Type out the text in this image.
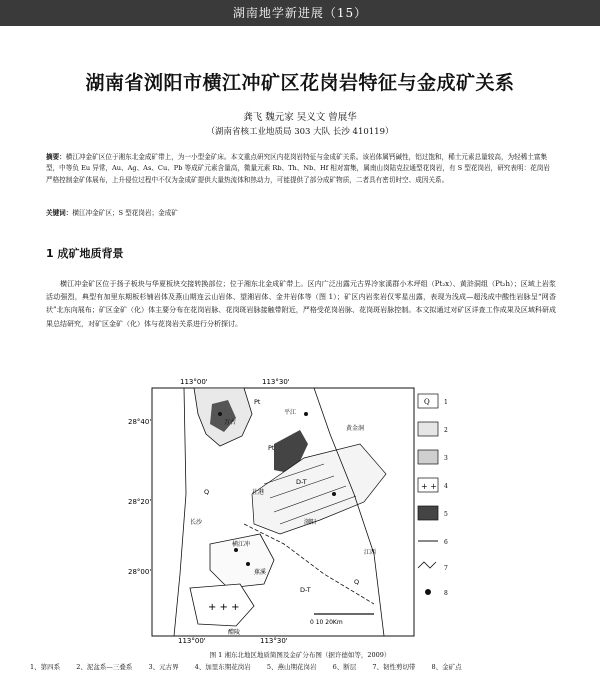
湖南地学新进展（15）
湖南省浏阳市横江冲矿区花岗岩特征与金成矿关系
龚飞 魏元家 吴义文 曾展华
（湖南省核工业地质局 303 大队 长沙 410119）
摘要：横江冲金矿区位于湘东北金成矿带上，为一小型金矿床。本文重点研究区内花岗岩特征与金成矿关系。该岩体属钙碱性，铝过饱和，稀土元素总量较高，为轻稀土富集型，中等负 Eu 异常，Au、Ag、As、Cu、Pb 等成矿元素含量高，微量元素 Rb、Th、Nb、Hf 相对富集，属南山岗陆克拉通型花岗岩，有 S 型花岗岩，研究表明：花岗岩严格控制金矿体展布，上升侵位过程中不仅为金成矿提供大量热流体和热动力，可能提供了部分成矿物质，二者具有密切时空、成因关系。
关键词：横江冲金矿区；S 型花岗岩；金成矿
1 成矿地质背景
横江冲金矿区位于扬子板块与华夏板块交接转换部位；位于湘东北金成矿带上。区内广泛出露元古界冷家溪群小木坪组（Pt₂x）、黄浒洞组（Pt₂h）；区域上岩浆活动强烈，典型有加里东期板杉铺岩体及燕山期连云山岩体、望湘岩体、金井岩体等（图 1）；矿区内岩浆岩仅零星出露，表现为浅成—超浅成中酸性岩脉呈“网香状”北东向展布；矿区金矿（化）体主要分布在花岗岩脉、花岗斑岩脉接触带附近，严格受花岗岩脉、花岗斑岩脉控制。本文拟通过对矿区详查工作成果及区域科研成果总结研究，对矿区金矿（化）体与花岗岩关系进行分析探讨。
113°00'	113°30'
113°00'	113°30'
28°40'
28°20'
28°00'
+ + +
横江冲
长沙	浏阳
黄金洞
平江
社港
蕉溪
万古
醴陵
江西
Pt
Pt
D-T
D-T
Q
Q
0 10 20Km
Q 1
2
3
+ + 4
5
6
7
8
图 1 湘东北地区地质简图及金矿分布图（据许德如等，2009）
1、第四系 2、泥盆系—三叠系 3、元古界 4、加里东期花岗岩 5、燕山期花岗岩 6、断层 7、韧性剪切带 8、金矿点
